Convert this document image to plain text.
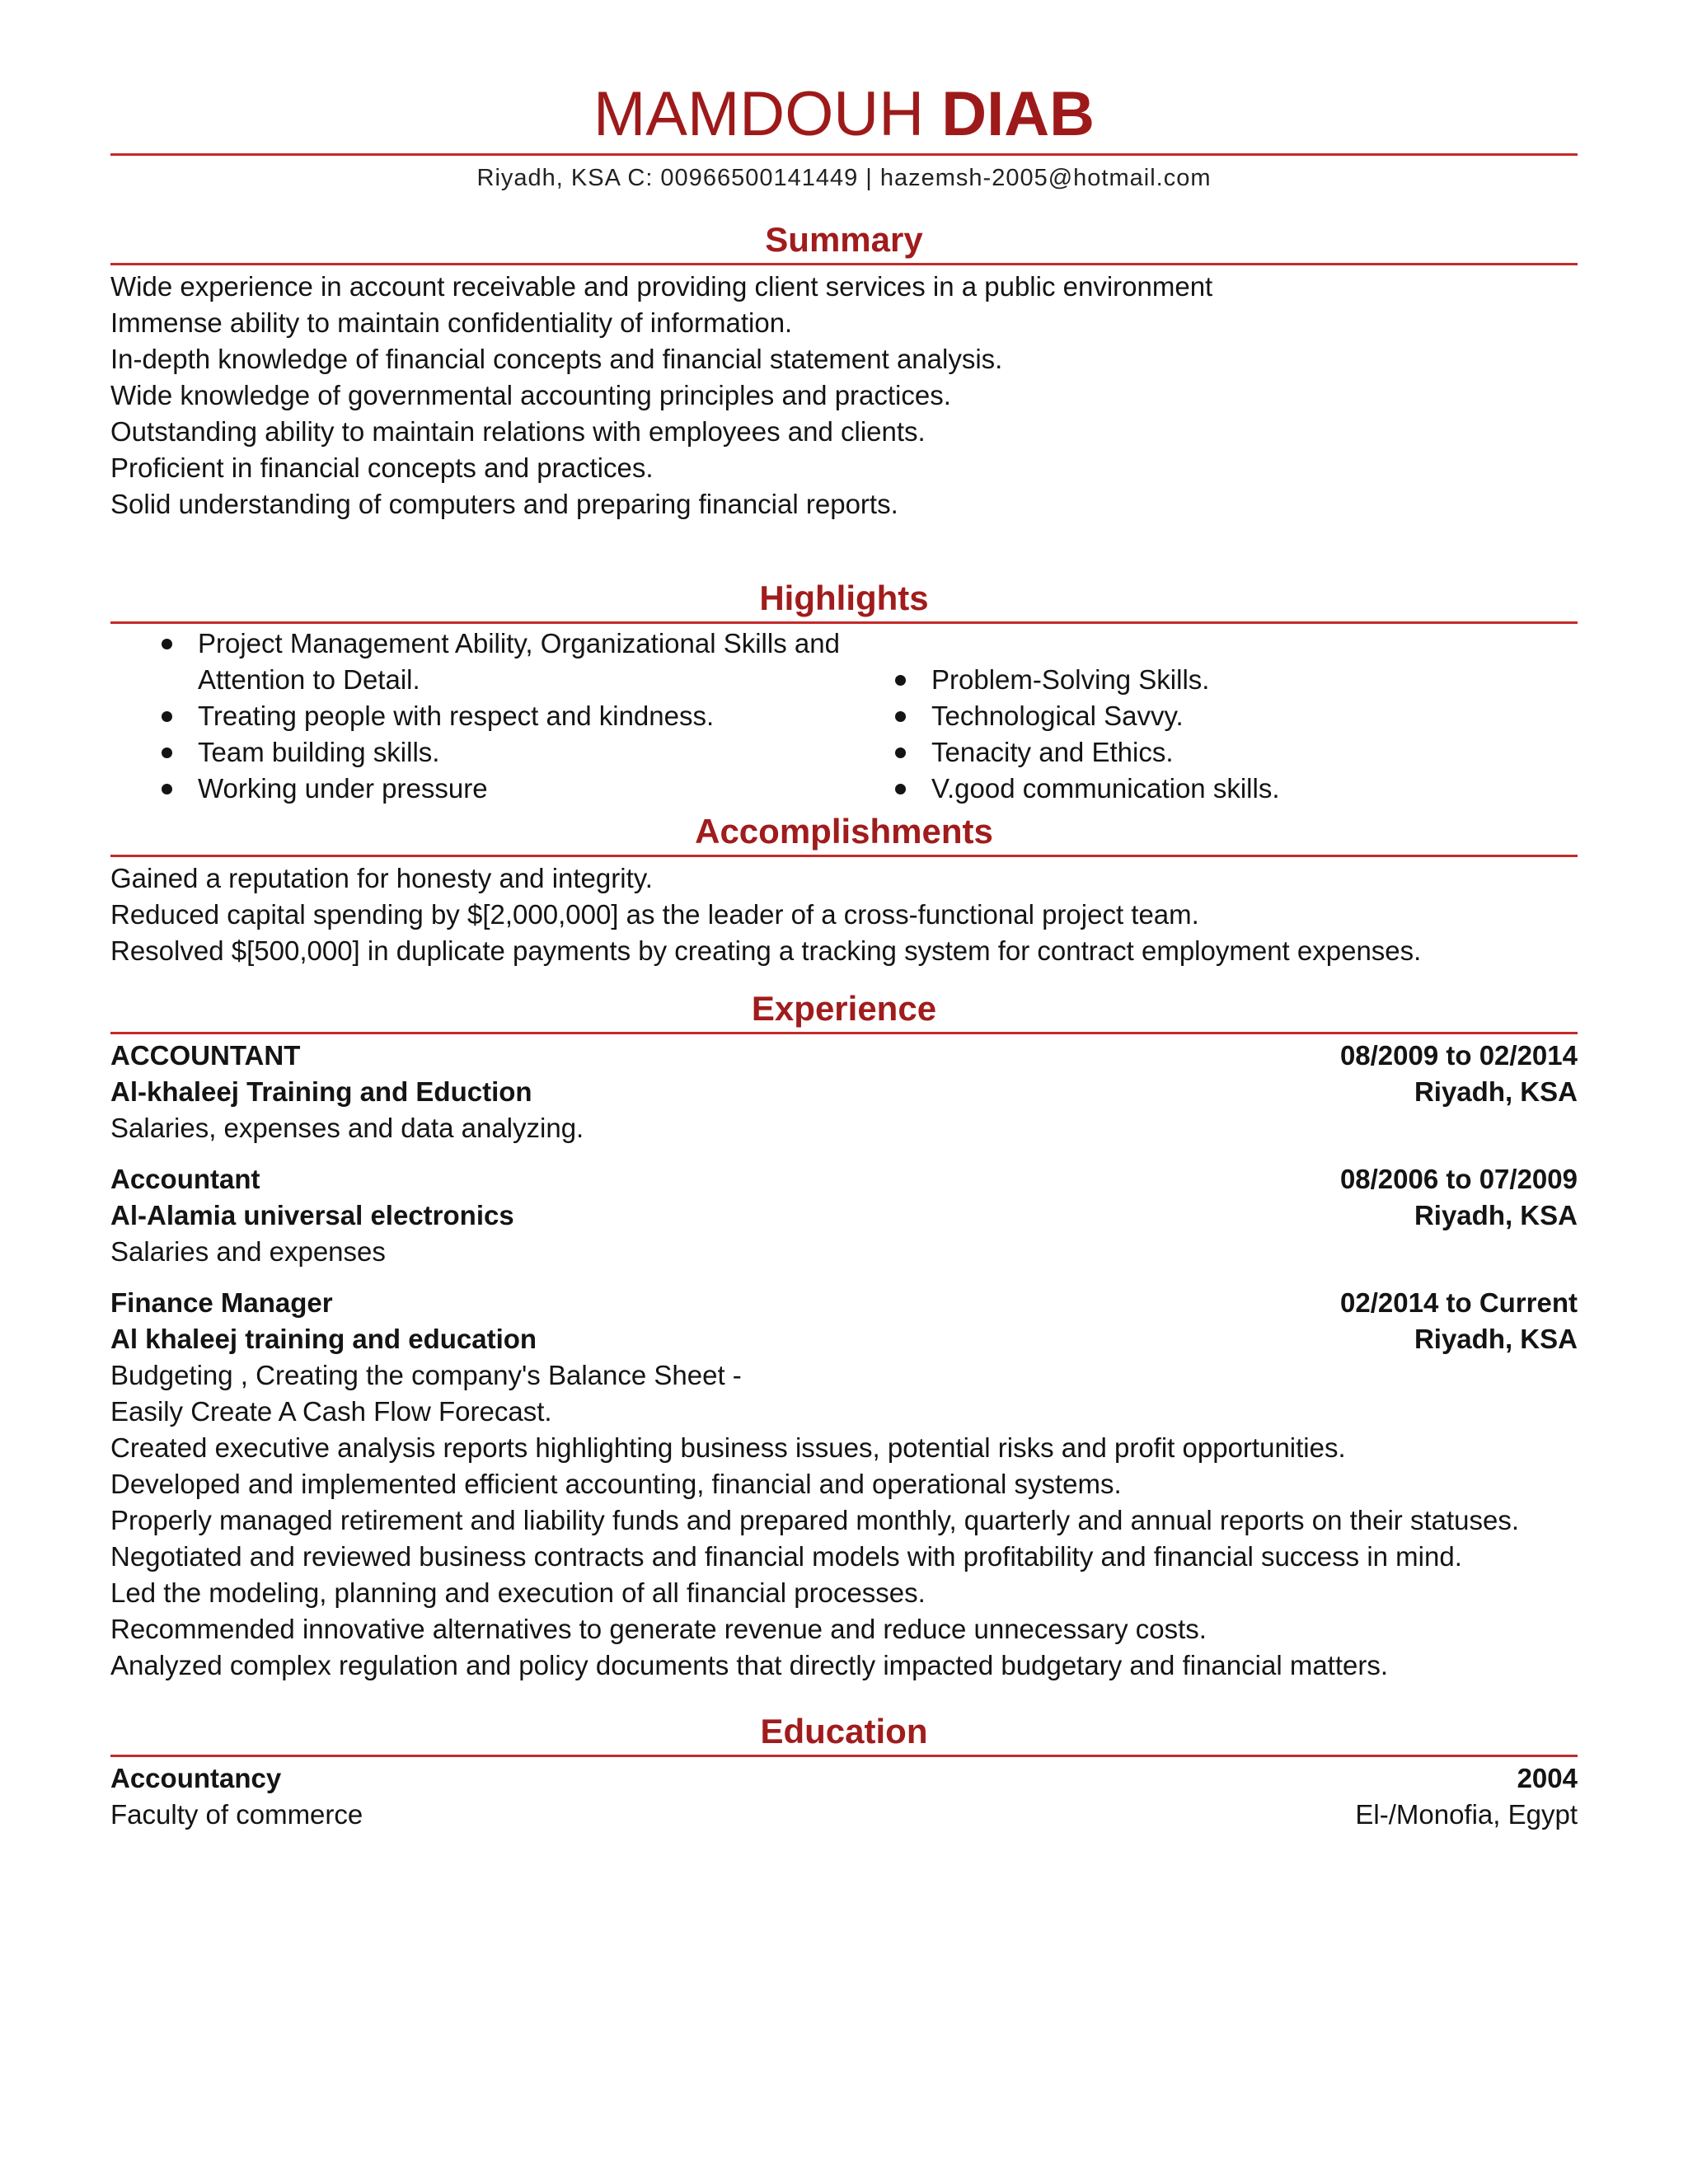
MAMDOUH DIAB
Riyadh, KSA C: 00966500141449 | hazemsh-2005@hotmail.com
Summary
Wide experience in account receivable and providing client services in a public environment
Immense ability to maintain confidentiality of information.
In-depth knowledge of financial concepts and financial statement analysis.
Wide knowledge of governmental accounting principles and practices.
Outstanding ability to maintain relations with employees and clients.
Proficient in financial concepts and practices.
Solid understanding of computers and preparing financial reports.
Highlights
Project Management Ability, Organizational Skills and Attention to Detail.
Treating people with respect and kindness.
Team building skills.
Working under pressure
Problem-Solving Skills.
Technological Savvy.
Tenacity and Ethics.
V.good communication skills.
Accomplishments
Gained a reputation for honesty and integrity.
Reduced capital spending by $[2,000,000] as the leader of a cross-functional project team.
Resolved $[500,000] in duplicate payments by creating a tracking system for contract employment expenses.
Experience
ACCOUNTANT	08/2009 to 02/2014
Al-khaleej Training and Eduction	Riyadh, KSA
Salaries, expenses and data analyzing.
Accountant	08/2006 to 07/2009
Al-Alamia universal electronics	Riyadh, KSA
Salaries and expenses
Finance Manager	02/2014 to Current
Al khaleej training and education	Riyadh, KSA
Budgeting , Creating the company's Balance Sheet -
Easily Create A Cash Flow Forecast.
Created executive analysis reports highlighting business issues, potential risks and profit opportunities.
Developed and implemented efficient accounting, financial and operational systems.
Properly managed retirement and liability funds and prepared monthly, quarterly and annual reports on their statuses.
Negotiated and reviewed business contracts and financial models with profitability and financial success in mind.
Led the modeling, planning and execution of all financial processes.
Recommended innovative alternatives to generate revenue and reduce unnecessary costs.
Analyzed complex regulation and policy documents that directly impacted budgetary and financial matters.
Education
Accountancy	2004
Faculty of commerce	El-/Monofia, Egypt
